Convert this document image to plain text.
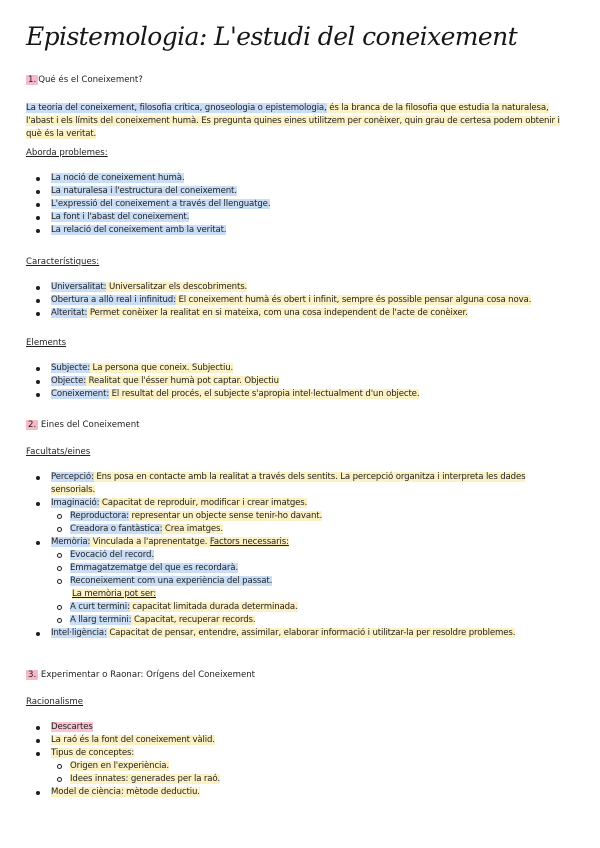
Epistemologia: L'estudi del coneixement
1. Qué és el Coneixement?
La teoria del coneixement, filosofia crítica, gnoseologia o epistemologia, és la branca de la filosofia que estudia la naturalesa, l'abast i els límits del coneixement humà. Es pregunta quines eines utilitzem per conèixer, quin grau de certesa podem obtenir i què és la veritat.
Aborda problemes:
La noció de coneixement humà.
La naturalesa i l'estructura del coneixement.
L'expressió del coneixement a través del llenguatge.
La font i l'abast del coneixement.
La relació del coneixement amb la veritat.
Característiques:
Universalitat: Universalitzar els descobriments.
Obertura a allò real i infinitud: El coneixement humà és obert i infinit, sempre és possible pensar alguna cosa nova.
Alteritat: Permet conèixer la realitat en si mateixa, com una cosa independent de l'acte de conèixer.
Elements
Subjecte: La persona que coneix. Subjectiu.
Objecte: Realitat que l'ésser humà pot captar. Objectiu
Coneixement: El resultat del procés, el subjecte s'apropia intel·lectualment d'un objecte.
2. Eines del Coneixement
Facultats/eines
Percepció: Ens posa en contacte amb la realitat a través dels sentits. La percepció organitza i interpreta les dades sensorials.
Imaginació: Capacitat de reproduir, modificar i crear imatges.
Reproductora: representar un objecte sense tenir-ho davant.
Creadora o fantàstica: Crea imatges.
Memòria: Vinculada a l'aprenentatge. Factors necessaris:
Evocació del record.
Emmagatzematge del que es recordarà.
Reconeixement com una experiència del passat.
La memòria pot ser:
A curt termini: capacitat limitada durada determinada.
A llarg termini: Capacitat, recuperar records.
Intel·ligència: Capacitat de pensar, entendre, assimilar, elaborar informació i utilitzar-la per resoldre problemes.
3. Experimentar o Raonar: Orígens del Coneixement
Racionalisme
Descartes
La raó és la font del coneixement vàlid.
Tipus de conceptes:
Origen en l'experiència.
Idees innates: generades per la raó.
Model de ciència: mètode deductiu.
